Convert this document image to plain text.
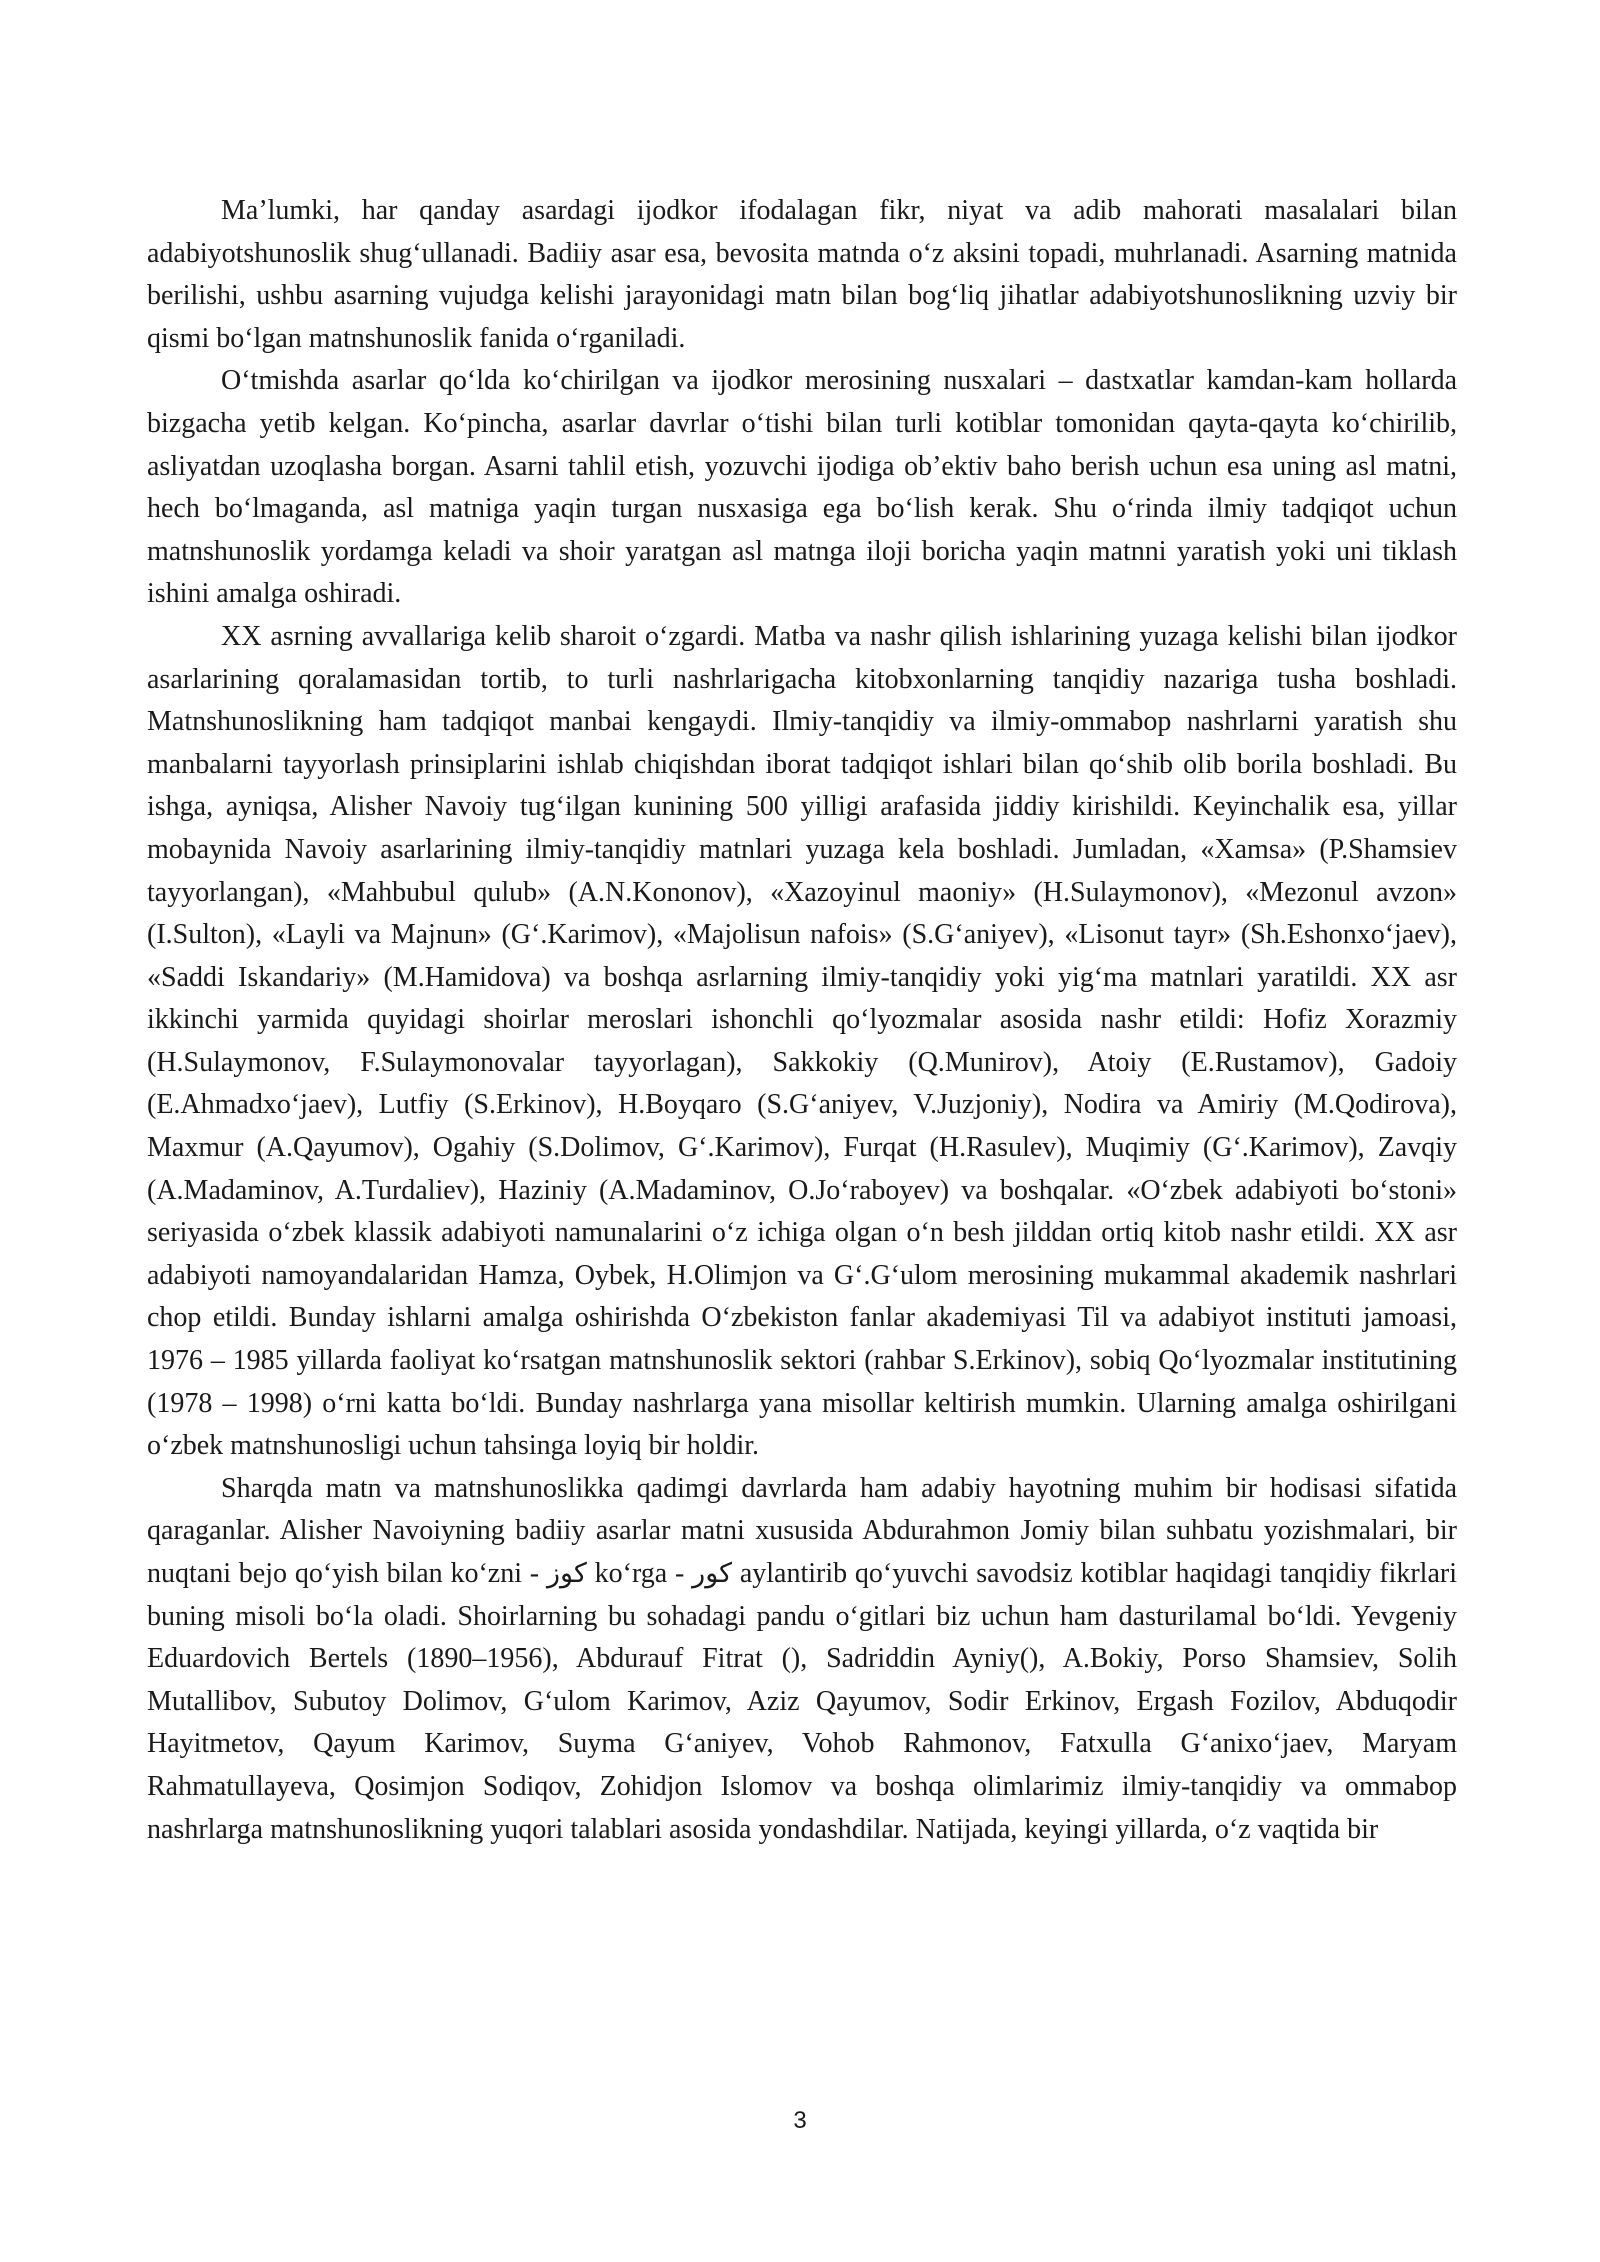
Ma’lumki, har qanday asardagi ijodkor ifodalagan fikr, niyat va adib mahorati masalalari bilan adabiyotshunoslik shug‘ullanadi. Badiiy asar esa, bevosita matnda o‘z aksini topadi, muhrlanadi. Asarning matnida berilishi, ushbu asarning vujudga kelishi jarayonidagi matn bilan bog‘liq jihatlar adabiyotshunoslikning uzviy bir qismi bo‘lgan matnshunoslik fanida o‘rganiladi.

O‘tmishda asarlar qo‘lda ko‘chirilgan va ijodkor merosining nusxalari – dastxatlar kamdan-kam hollarda bizgacha yetib kelgan. Ko‘pincha, asarlar davrlar o‘tishi bilan turli kotiblar tomonidan qayta-qayta ko‘chirilib, asliyatdan uzoqlasha borgan. Asarni tahlil etish, yozuvchi ijodiga ob’ektiv baho berish uchun esa uning asl matni, hech bo‘lmaganda, asl matniga yaqin turgan nusxasiga ega bo‘lish kerak. Shu o‘rinda ilmiy tadqiqot uchun matnshunoslik yordamga keladi va shoir yaratgan asl matnga iloji boricha yaqin matnni yaratish yoki uni tiklash ishini amalga oshiradi.

XX asrning avvallariga kelib sharoit o‘zgardi. Matba va nashr qilish ishlarining yuzaga kelishi bilan ijodkor asarlarining qoralamasidan tortib, to turli nashrlarigacha kitobxonlarning tanqidiy nazariga tusha boshladi. Matnshunoslikning ham tadqiqot manbai kengaydi. Ilmiy-tanqidiy va ilmiy-ommabop nashrlarni yaratish shu manbalarni tayyorlash prinsiplarini ishlab chiqishdan iborat tadqiqot ishlari bilan qo‘shib olib borila boshladi. Bu ishga, ayniqsa, Alisher Navoiy tug‘ilgan kunining 500 yilligi arafasida jiddiy kirishildi. Keyinchalik esa, yillar mobaynida Navoiy asarlarining ilmiy-tanqidiy matnlari yuzaga kela boshladi. Jumladan, «Xamsa» (P.Shamsiev tayyorlangan), «Mahbubul qulub» (A.N.Kononov), «Xazoyinul maoniy» (H.Sulaymonov), «Mezonul avzon» (I.Sulton), «Layli va Majnun» (G‘.Karimov), «Majolisun nafois» (S.G‘aniyev), «Lisonut tayr» (Sh.Eshonxo‘jaev), «Saddi Iskandariy» (M.Hamidova) va boshqa asrlarning ilmiy-tanqidiy yoki yig‘ma matnlari yaratildi. XX asr ikkinchi yarmida quyidagi shoirlar meroslari ishonchli qo‘lyozmalar asosida nashr etildi: Hofiz Xorazmiy (H.Sulaymonov, F.Sulaymonovalar tayyorlagan), Sakkokiy (Q.Munirov), Atoiy (E.Rustamov), Gadoiy (E.Ahmadxo‘jaev), Lutfiy (S.Erkinov), H.Boyqaro (S.G‘aniyev, V.Juzjoniy), Nodira va Amiriy (M.Qodirova), Maxmur (A.Qayumov), Ogahiy (S.Dolimov, G‘.Karimov), Furqat (H.Rasulev), Muqimiy (G‘.Karimov), Zavqiy (A.Madaminov, A.Turdaliev), Haziniy (A.Madaminov, O.Jo‘raboyev) va boshqalar. «O‘zbek adabiyoti bo‘stoni» seriyasida o‘zbek klassik adabiyoti namunalarini o‘z ichiga olgan o‘n besh jilddan ortiq kitob nashr etildi. XX asr adabiyoti namoyandalaridan Hamza, Oybek, H.Olimjon va G‘.G‘ulom merosining mukammal akademik nashrlari chop etildi. Bunday ishlarni amalga oshirishda O‘zbekiston fanlar akademiyasi Til va adabiyot instituti jamoasi, 1976 – 1985 yillarda faoliyat ko‘rsatgan matnshunoslik sektori (rahbar S.Erkinov), sobiq Qo‘lyozmalar institutining (1978 – 1998) o‘rni katta bo‘ldi. Bunday nashrlarga yana misollar keltirish mumkin. Ularning amalga oshirilgani o‘zbek matnshunosligi uchun tahsinga loyiq bir holdir.

Sharqda matn va matnshunoslikka qadimgi davrlarda ham adabiy hayotning muhim bir hodisasi sifatida qaraganlar. Alisher Navoiyning badiiy asarlar matni xususida Abdurahmon Jomiy bilan suhbatu yozishmalari, bir nuqtani bejo qo‘yish bilan ko‘zni - کوز ko‘rga - کور aylantirib qo‘yuvchi savodsiz kotiblar haqidagi tanqidiy fikrlari buning misoli bo‘la oladi. Shoirlarning bu sohadagi pandu o‘gitlari biz uchun ham dasturilamal bo‘ldi. Yevgeniy Eduardovich Bertels (1890–1956), Abdurauf Fitrat (), Sadriddin Ayniy(), A.Bokiy, Porso Shamsiev, Solih Mutallibov, Subutoy Dolimov, G‘ulom Karimov, Aziz Qayumov, Sodir Erkinov, Ergash Fozilov, Abduqodir Hayitmetov, Qayum Karimov, Suyma G‘aniyev, Vohob Rahmonov, Fatxulla G‘anixo‘jaev, Maryam Rahmatullayeva, Qosimjon Sodiqov, Zohidjon Islomov va boshqa olimlarimiz ilmiy-tanqidiy va ommabop nashrlarga matnshunoslikning yuqori talablari asosida yondashdilar. Natijada, keyingi yillarda, o‘z vaqtida bir

3
